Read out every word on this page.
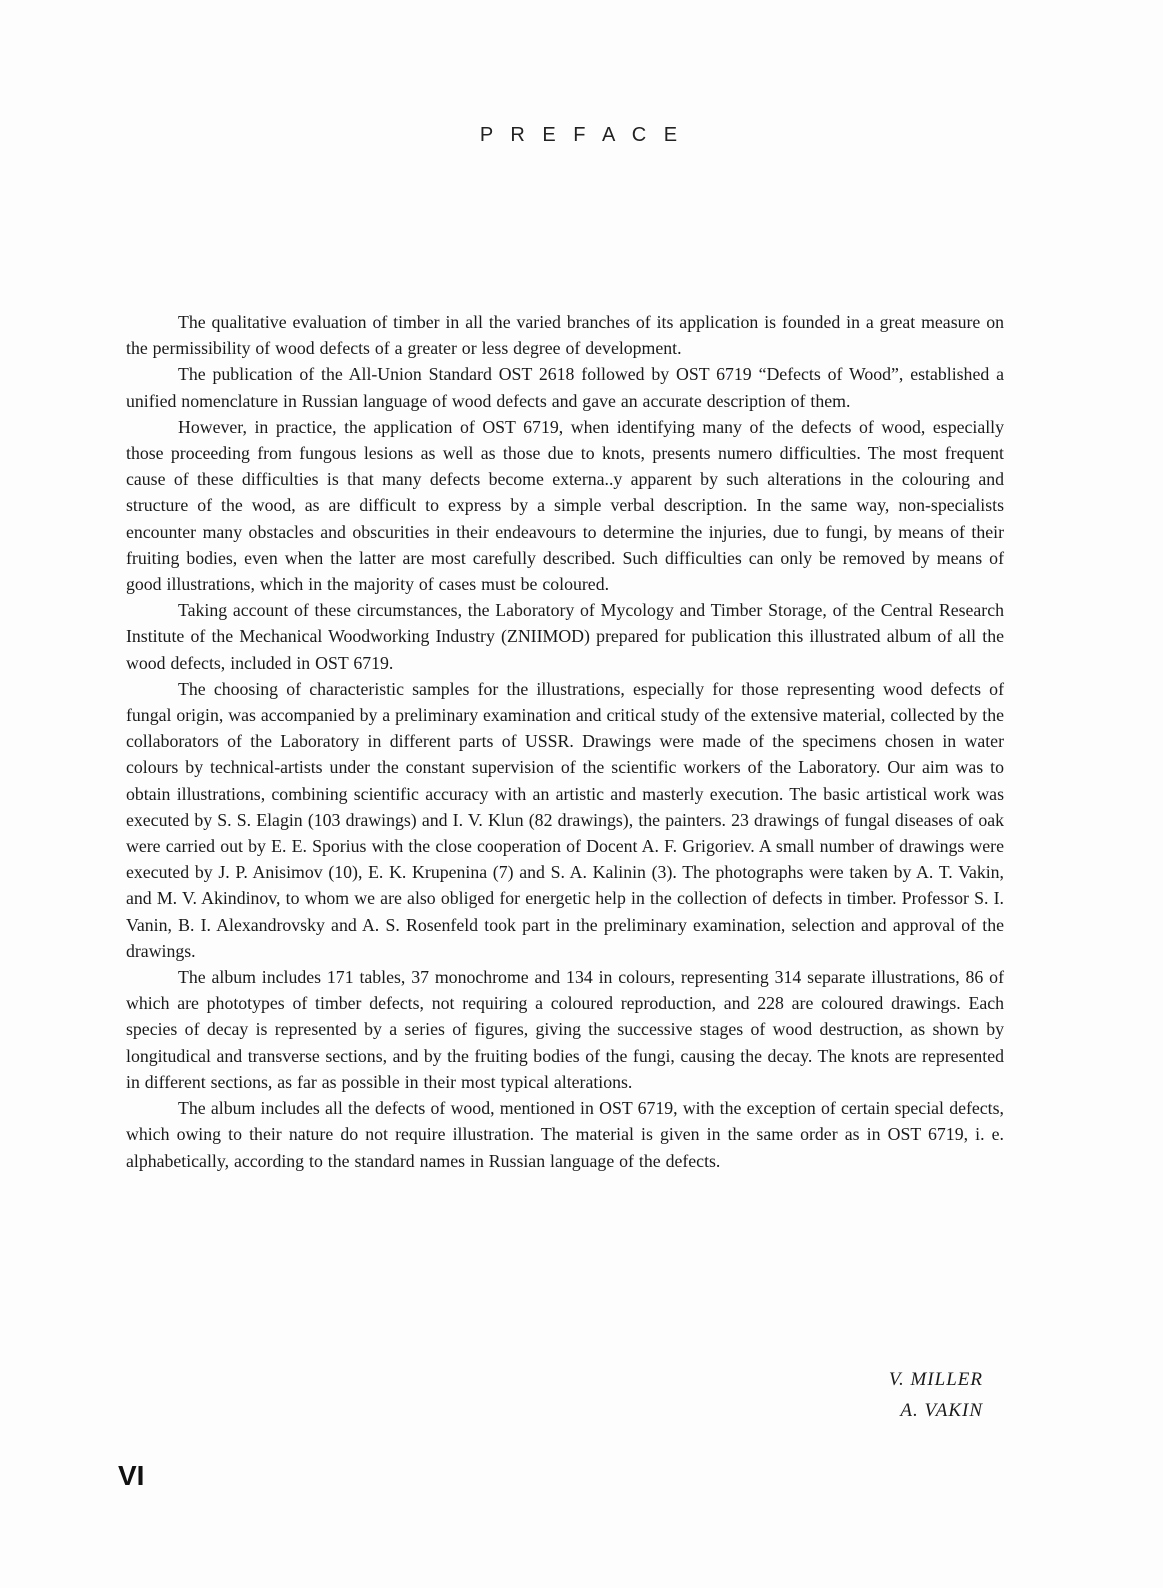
P R E F A C E

The qualitative evaluation of timber in all the varied branches of its application is founded in a great measure on the permissibility of wood defects of a greater or less degree of development.

The publication of the All-Union Standard OST 2618 followed by OST 6719 “Defects of Wood”, established a unified nomenclature in Russian language of wood defects and gave an accurate description of them.

However, in practice, the application of OST 6719, when identifying many of the defects of wood, especially those proceeding from fungous lesions as well as those due to knots, presents numero difficulties. The most frequent cause of these difficulties is that many defects become externa..y apparent by such alterations in the colouring and structure of the wood, as are difficult to express by a simple verbal description. In the same way, non-specialists encounter many obstacles and obscurities in their endeavours to determine the injuries, due to fungi, by means of their fruiting bodies, even when the latter are most carefully described. Such difficulties can only be removed by means of good illustrations, which in the majority of cases must be coloured.

Taking account of these circumstances, the Laboratory of Mycology and Timber Storage, of the Central Research Institute of the Mechanical Woodworking Industry (ZNIIMOD) prepared for publication this illustrated album of all the wood defects, included in OST 6719.

The choosing of characteristic samples for the illustrations, especially for those representing wood defects of fungal origin, was accompanied by a preliminary examination and critical study of the extensive material, collected by the collaborators of the Laboratory in different parts of USSR. Drawings were made of the specimens chosen in water colours by technical-artists under the constant supervision of the scientific workers of the Laboratory. Our aim was to obtain illustrations, combining scientific accuracy with an artistic and masterly execution. The basic artistical work was executed by S. S. Elagin (103 drawings) and I. V. Klun (82 drawings), the painters. 23 drawings of fungal diseases of oak were carried out by E. E. Sporius with the close cooperation of Docent A. F. Grigoriev. A small number of drawings were executed by J. P. Anisimov (10), E. K. Krupenina (7) and S. A. Kalinin (3). The photographs were taken by A. T. Vakin, and M. V. Akindinov, to whom we are also obliged for energetic help in the collection of defects in timber. Professor S. I. Vanin, B. I. Alexandrovsky and A. S. Rosenfeld took part in the preliminary examination, selection and approval of the drawings.

The album includes 171 tables, 37 monochrome and 134 in colours, representing 314 separate illustrations, 86 of which are phototypes of timber defects, not requiring a coloured reproduction, and 228 are coloured drawings. Each species of decay is represented by a series of figures, giving the successive stages of wood destruction, as shown by longitudical and transverse sections, and by the fruiting bodies of the fungi, causing the decay. The knots are represented in different sections, as far as possible in their most typical alterations.

The album includes all the defects of wood, mentioned in OST 6719, with the exception of certain special defects, which owing to their nature do not require illustration. The material is given in the same order as in OST 6719, i. e. alphabetically, according to the standard names in Russian language of the defects.

V. MILLER

A. VAKIN

VI
